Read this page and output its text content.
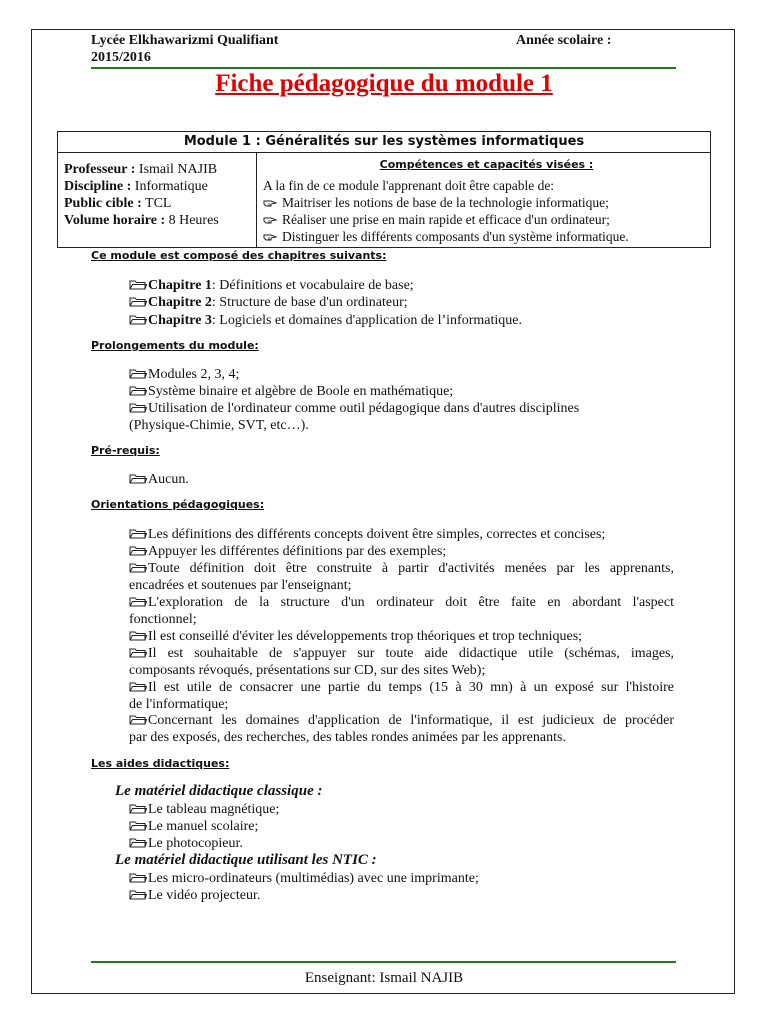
Lycée Elkhawarizmi Qualifiant	Année scolaire :
2015/2016
Fiche pédagogique du module 1
Module 1 : Généralités sur les systèmes informatiques

Professeur : Ismail NAJIB
Discipline : Informatique
Public cible : TCL
Volume horaire : 8 Heures

Compétences et capacités visées :
A la fin de ce module l'apprenant doit être capable de:
Maitriser les notions de base de la technologie informatique;
Réaliser une prise en main rapide et efficace d'un ordinateur;
Distinguer les différents composants d'un système informatique.
Ce module est composé des chapitres suivants:
Chapitre 1: Définitions et vocabulaire de base;
Chapitre 2: Structure de base d'un ordinateur;
Chapitre 3: Logiciels et domaines d'application de l’informatique.
Prolongements du module:
Modules 2, 3, 4;
Système binaire et algèbre de Boole en mathématique;
Utilisation de l'ordinateur comme outil pédagogique dans d'autres disciplines
(Physique-Chimie, SVT, etc…).
Pré-requis:
Aucun.
Orientations pédagogiques:
Les définitions des différents concepts doivent être simples, correctes et concises;
Appuyer les différentes définitions par des exemples;
Toute définition doit être construite à partir d'activités menées par les apprenants,
encadrées et soutenues par l'enseignant;
L'exploration de la structure d'un ordinateur doit être faite en abordant l'aspect
fonctionnel;
Il est conseillé d'éviter les développements trop théoriques et trop techniques;
Il est souhaitable de s'appuyer sur toute aide didactique utile (schémas, images,
composants révoqués, présentations sur CD, sur des sites Web);
Il est utile de consacrer une partie du temps (15 à 30 mn) à un exposé sur l'histoire
de l'informatique;
Concernant les domaines d'application de l'informatique, il est judicieux de procéder
par des exposés, des recherches, des tables rondes animées par les apprenants.
Les aides didactiques:
Le matériel didactique classique :
Le tableau magnétique;
Le manuel scolaire;
Le photocopieur.
Le matériel didactique utilisant les NTIC :
Les micro-ordinateurs (multimédias) avec une imprimante;
Le vidéo projecteur.
Enseignant: Ismail NAJIB
